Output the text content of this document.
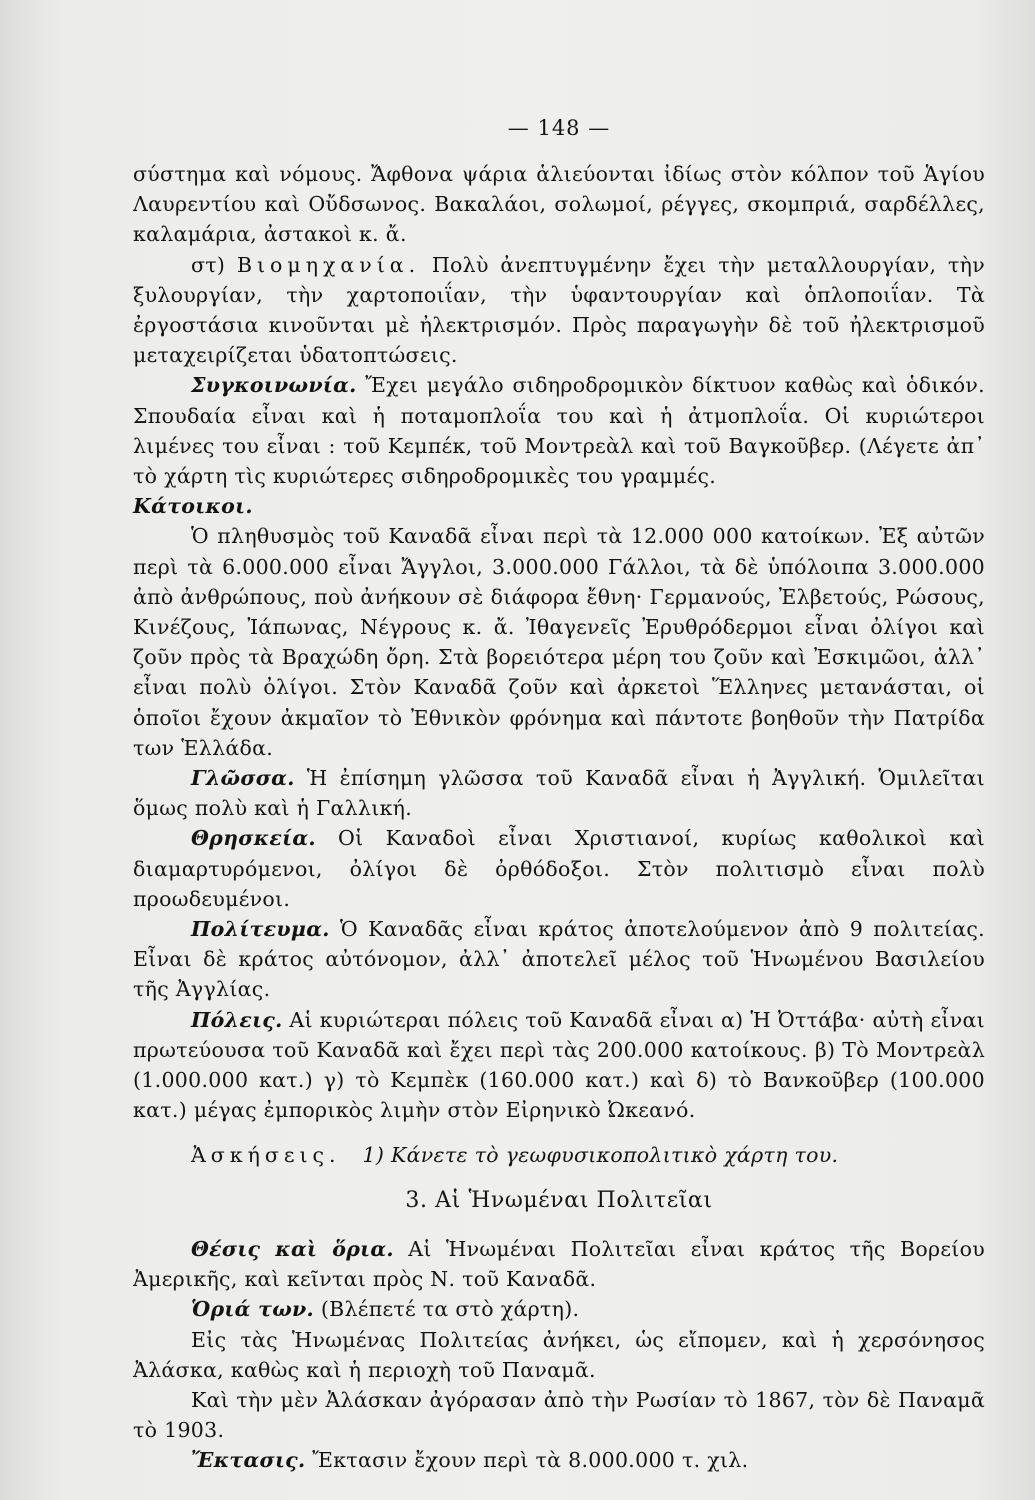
— 148 —

σύστημα καὶ νόμους. Ἄφθονα ψάρια ἁλιεύονται ἰδίως στὸν κόλπον τοῦ Ἁγίου Λαυρεντίου καὶ Οὔδσωνος. Βακαλάοι, σολωμοί, ρέγγες, σκομπριά, σαρδέλλες, καλαμάρια, ἀστακοὶ κ. ἄ.

στ) Βιομηχανία. Πολὺ ἀνεπτυγμένην ἔχει τὴν μεταλλουργίαν, τὴν ξυλουργίαν, τὴν χαρτοποιΐαν, τὴν ὑφαντουργίαν καὶ ὁπλοποιΐαν. Τὰ ἐργοστάσια κινοῦνται μὲ ἠλεκτρισμόν. Πρὸς παραγωγὴν δὲ τοῦ ἠλεκτρισμοῦ μεταχειρίζεται ὑδατοπτώσεις.

Συγκοινωνία. Ἔχει μεγάλο σιδηροδρομικὸν δίκτυον καθὼς καὶ ὁδικόν. Σπουδαία εἶναι καὶ ἡ ποταμοπλοΐα του καὶ ἡ ἀτμοπλοΐα. Οἱ κυριώτεροι λιμένες του εἶναι : τοῦ Κεμπέκ, τοῦ Μοντρεὰλ καὶ τοῦ Βαγκοῦβερ. (Λέγετε ἀπ᾽ τὸ χάρτη τὶς κυριώτερες σιδηροδρομικὲς του γραμμές.

Κάτοικοι.

Ὁ πληθυσμὸς τοῦ Καναδᾶ εἶναι περὶ τὰ 12.000 000 κατοίκων. Ἐξ αὐτῶν περὶ τὰ 6.000.000 εἶναι Ἄγγλοι, 3.000.000 Γάλλοι, τὰ δὲ ὑπόλοιπα 3.000.000 ἀπὸ ἀνθρώπους, ποὺ ἀνήκουν σὲ διάφορα ἔθνη· Γερμανούς, Ἐλβετούς, Ρώσους, Κινέζους, Ἰάπωνας, Νέγρους κ. ἄ. Ἰθαγενεῖς Ἐρυθρόδερμοι εἶναι ὀλίγοι καὶ ζοῦν πρὸς τὰ Βραχώδη ὄρη. Στὰ βορειότερα μέρη του ζοῦν καὶ Ἐσκιμῶοι, ἀλλ᾽ εἶναι πολὺ ὀλίγοι. Στὸν Καναδᾶ ζοῦν καὶ ἀρκετοὶ Ἕλληνες μετανάσται, οἱ ὁποῖοι ἔχουν ἀκμαῖον τὸ Ἐθνικὸν φρόνημα καὶ πάντοτε βοηθοῦν τὴν Πατρίδα των Ἑλλάδα.

Γλῶσσα. Ἡ ἐπίσημη γλῶσσα τοῦ Καναδᾶ εἶναι ἡ Ἀγγλική. Ὁμιλεῖται ὅμως πολὺ καὶ ἡ Γαλλική.

Θρησκεία. Οἱ Καναδοὶ εἶναι Χριστιανοί, κυρίως καθολικοὶ καὶ διαμαρτυρόμενοι, ὀλίγοι δὲ ὀρθόδοξοι. Στὸν πολιτισμὸ εἶναι πολὺ προωδευμένοι.

Πολίτευμα. Ὁ Καναδᾶς εἶναι κράτος ἀποτελούμενον ἀπὸ 9 πολιτείας. Εἶναι δὲ κράτος αὐτόνομον, ἀλλ᾽ ἀποτελεῖ μέλος τοῦ Ἡνωμένου Βασιλείου τῆς Ἀγγλίας.

Πόλεις. Αἱ κυριώτεραι πόλεις τοῦ Καναδᾶ εἶναι α) Ἡ Ὀττάβα· αὐτὴ εἶναι πρωτεύουσα τοῦ Καναδᾶ καὶ ἔχει περὶ τὰς 200.000 κατοίκους. β) Τὸ Μοντρεὰλ (1.000.000 κατ.) γ) τὸ Κεμπὲκ (160.000 κατ.) καὶ δ) τὸ Βανκοῦβερ (100.000 κατ.) μέγας ἐμπορικὸς λιμὴν στὸν Εἰρηνικὸ Ὠκεανό.

Ἀσκήσεις. 1) Κάνετε τὸ γεωφυσικοπολιτικὸ χάρτη του.

3. Αἱ Ἡνωμέναι Πολιτεῖαι

Θέσις καὶ ὅρια. Αἱ Ἡνωμέναι Πολιτεῖαι εἶναι κράτος τῆς Βορείου Ἀμερικῆς, καὶ κεῖνται πρὸς Ν. τοῦ Καναδᾶ.

Ὁριά των. (Βλέπετέ τα στὸ χάρτη).

Εἰς τὰς Ἡνωμένας Πολιτείας ἀνήκει, ὡς εἴπομεν, καὶ ἡ χερσόνησος Ἀλάσκα, καθὼς καὶ ἡ περιοχὴ τοῦ Παναμᾶ.

Καὶ τὴν μὲν Ἀλάσκαν ἀγόρασαν ἀπὸ τὴν Ρωσίαν τὸ 1867, τὸν δὲ Παναμᾶ τὸ 1903.

Ἔκτασις. Ἔκτασιν ἔχουν περὶ τὰ 8.000.000 τ. χιλ.
